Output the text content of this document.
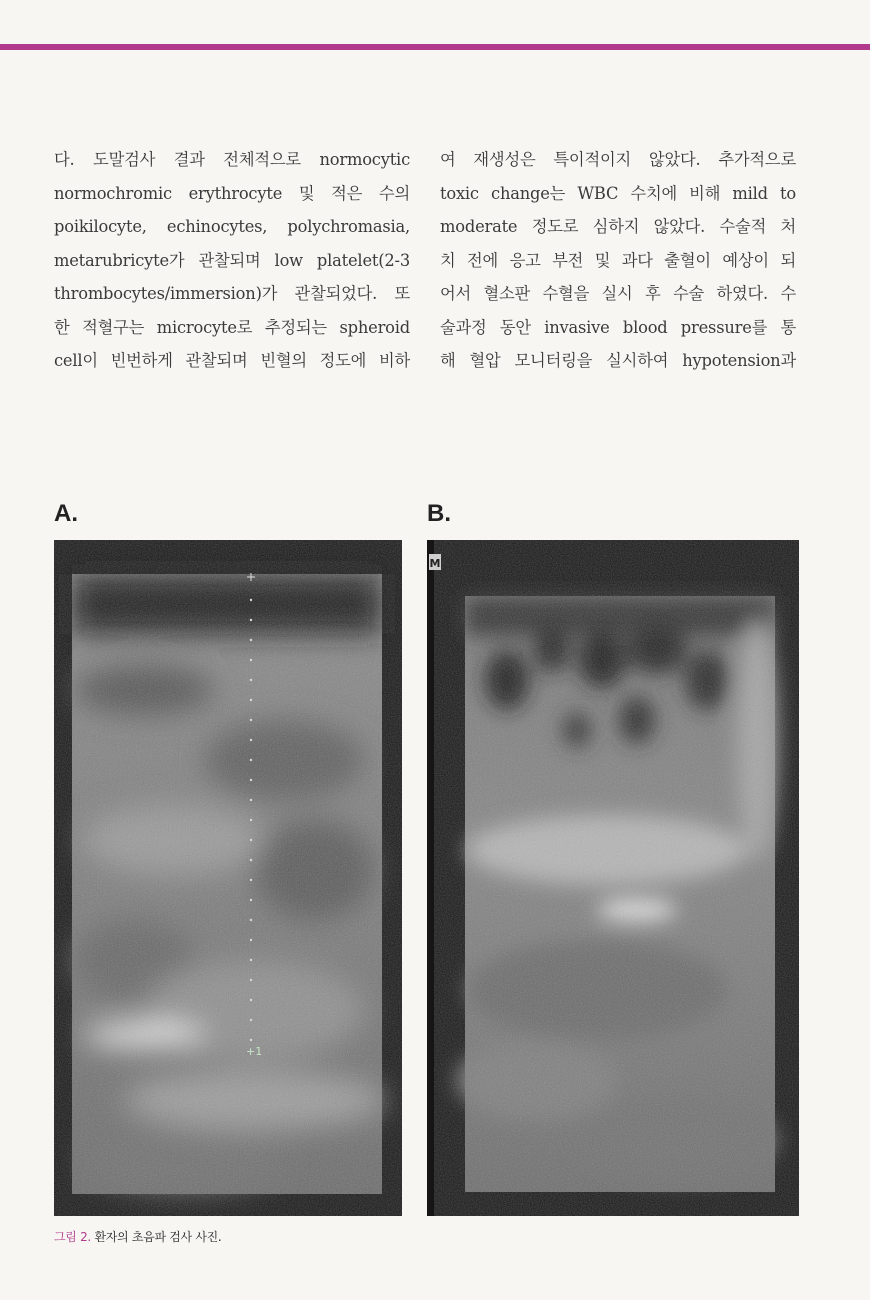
다. 도말검사 결과 전체적으로 normocytic
normochromic erythrocyte 및 적은 수의
poikilocyte, echinocytes, polychromasia,
metarubricyte가 관찰되며 low platelet(2-3
thrombocytes/immersion)가 관찰되었다. 또
한 적혈구는 microcyte로 추정되는 spheroid
cell이 빈번하게 관찰되며 빈혈의 정도에 비하
여 재생성은 특이적이지 않았다. 추가적으로
toxic change는 WBC 수치에 비해 mild to
moderate 정도로 심하지 않았다. 수술적 처
치 전에 응고 부전 및 과다 출혈이 예상이 되
어서 혈소판 수혈을 실시 후 수술 하였다. 수
술과정 동안 invasive blood pressure를 통
해 혈압 모니터링을 실시하여 hypotension과
A.	B.
+1
M
그림 2. 환자의 초음파 검사 사진.
